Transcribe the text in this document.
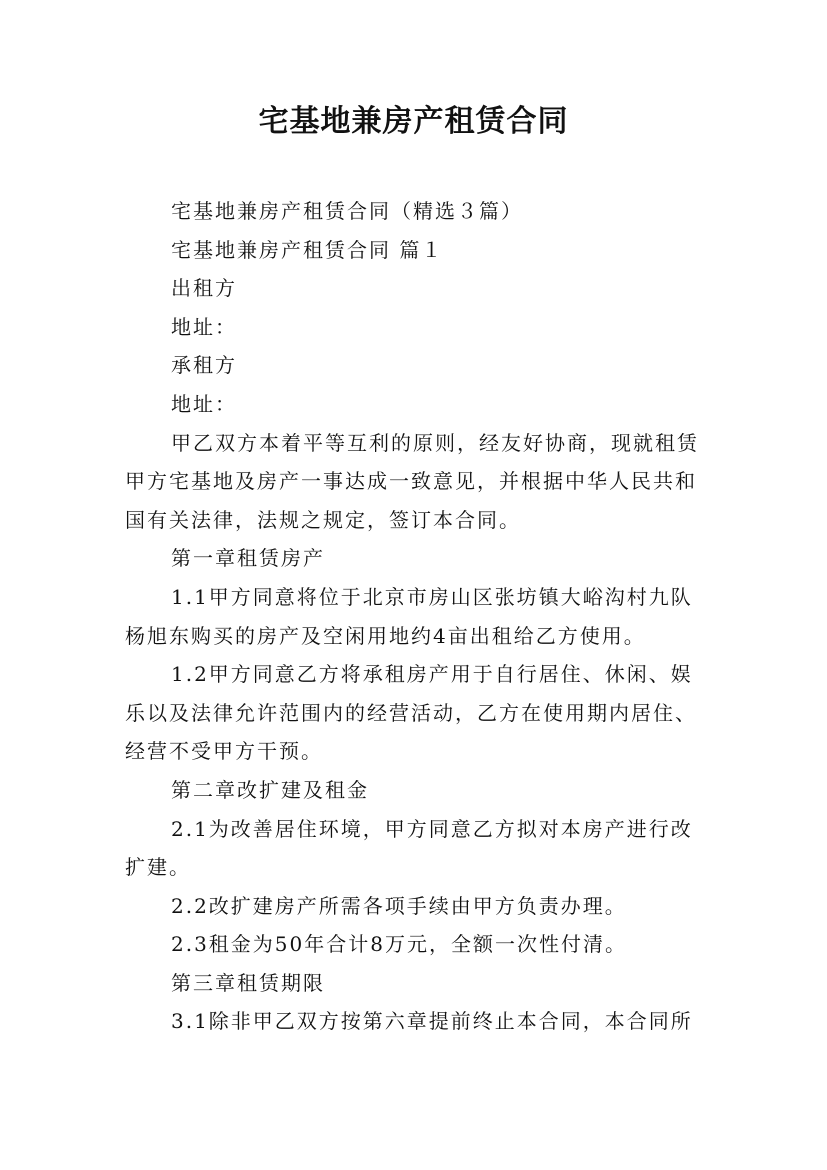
宅基地兼房产租赁合同
宅基地兼房产租赁合同（精选３篇）
宅基地兼房产租赁合同 篇１
出租方
地址：
承租方
地址：
甲乙双方本着平等互利的原则，经友好协商，现就租赁
甲方宅基地及房产一事达成一致意见，并根据中华人民共和
国有关法律，法规之规定，签订本合同。
第一章租赁房产
1.1甲方同意将位于北京市房山区张坊镇大峪沟村九队
杨旭东购买的房产及空闲用地约4亩出租给乙方使用。
1.2甲方同意乙方将承租房产用于自行居住、休闲、娱
乐以及法律允许范围内的经营活动，乙方在使用期内居住、
经营不受甲方干预。
第二章改扩建及租金
2.1为改善居住环境，甲方同意乙方拟对本房产进行改
扩建。
2.2改扩建房产所需各项手续由甲方负责办理。
2.3租金为50年合计8万元，全额一次性付清。
第三章租赁期限
3.1除非甲乙双方按第六章提前终止本合同，本合同所
